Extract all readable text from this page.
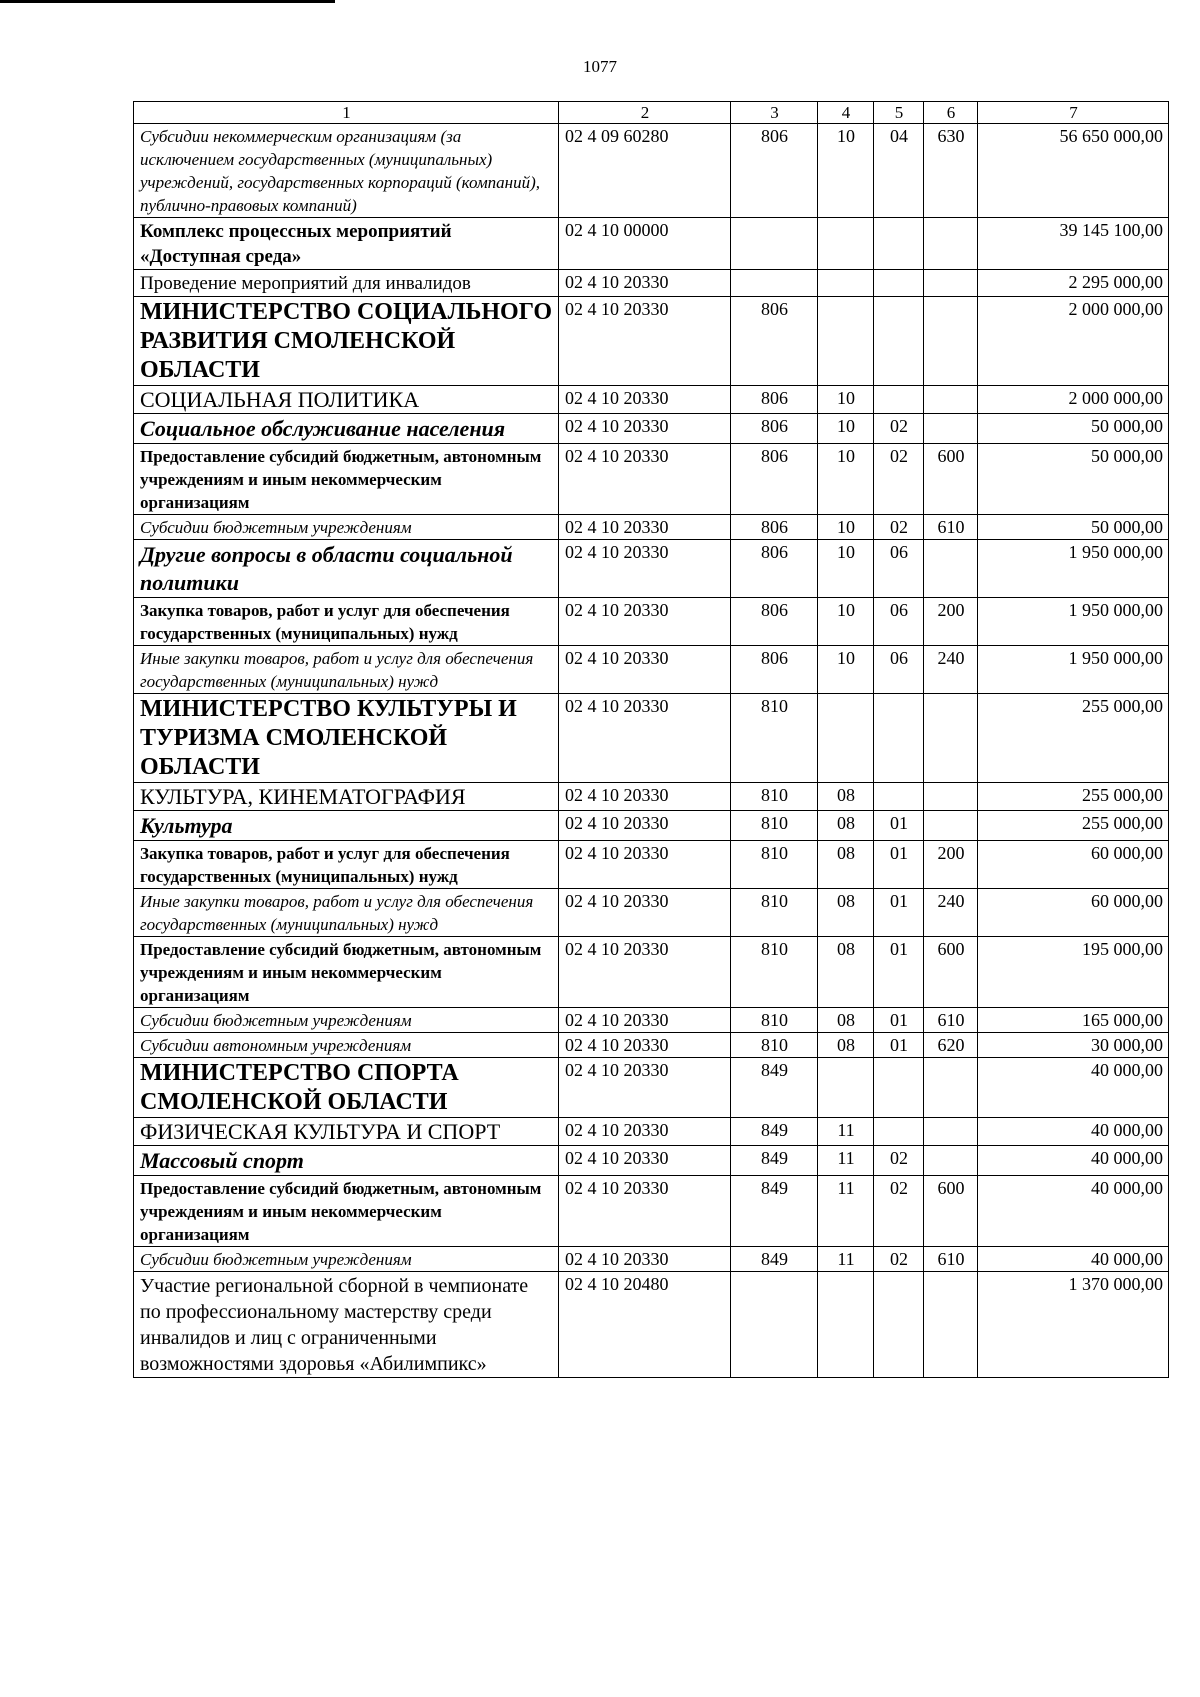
1077
1	2	3	4	5	6	7
Субсидии некоммерческим организациям (за исключением государственных (муниципальных) учреждений, государственных корпораций (компаний), публично-правовых компаний)	02 4 09 60280	806	10	04	630	56 650 000,00
Комплекс процессных мероприятий «Доступная среда»	02 4 10 00000					39 145 100,00
Проведение мероприятий для инвалидов	02 4 10 20330					2 295 000,00
МИНИСТЕРСТВО СОЦИАЛЬНОГО РАЗВИТИЯ СМОЛЕНСКОЙ ОБЛАСТИ	02 4 10 20330	806				2 000 000,00
СОЦИАЛЬНАЯ ПОЛИТИКА	02 4 10 20330	806	10			2 000 000,00
Социальное обслуживание населения	02 4 10 20330	806	10	02		50 000,00
Предоставление субсидий бюджетным, автономным учреждениям и иным некоммерческим организациям	02 4 10 20330	806	10	02	600	50 000,00
Субсидии бюджетным учреждениям	02 4 10 20330	806	10	02	610	50 000,00
Другие вопросы в области социальной политики	02 4 10 20330	806	10	06		1 950 000,00
Закупка товаров, работ и услуг для обеспечения государственных (муниципальных) нужд	02 4 10 20330	806	10	06	200	1 950 000,00
Иные закупки товаров, работ и услуг для обеспечения государственных (муниципальных) нужд	02 4 10 20330	806	10	06	240	1 950 000,00
МИНИСТЕРСТВО КУЛЬТУРЫ И ТУРИЗМА СМОЛЕНСКОЙ ОБЛАСТИ	02 4 10 20330	810				255 000,00
КУЛЬТУРА, КИНЕМАТОГРАФИЯ	02 4 10 20330	810	08			255 000,00
Культура	02 4 10 20330	810	08	01		255 000,00
Закупка товаров, работ и услуг для обеспечения государственных (муниципальных) нужд	02 4 10 20330	810	08	01	200	60 000,00
Иные закупки товаров, работ и услуг для обеспечения государственных (муниципальных) нужд	02 4 10 20330	810	08	01	240	60 000,00
Предоставление субсидий бюджетным, автономным учреждениям и иным некоммерческим организациям	02 4 10 20330	810	08	01	600	195 000,00
Субсидии бюджетным учреждениям	02 4 10 20330	810	08	01	610	165 000,00
Субсидии автономным учреждениям	02 4 10 20330	810	08	01	620	30 000,00
МИНИСТЕРСТВО СПОРТА СМОЛЕНСКОЙ ОБЛАСТИ	02 4 10 20330	849				40 000,00
ФИЗИЧЕСКАЯ КУЛЬТУРА И СПОРТ	02 4 10 20330	849	11			40 000,00
Массовый спорт	02 4 10 20330	849	11	02		40 000,00
Предоставление субсидий бюджетным, автономным учреждениям и иным некоммерческим организациям	02 4 10 20330	849	11	02	600	40 000,00
Субсидии бюджетным учреждениям	02 4 10 20330	849	11	02	610	40 000,00
Участие региональной сборной в чемпионате по профессиональному мастерству среди инвалидов и лиц с ограниченными возможностями здоровья «Абилимпикс»	02 4 10 20480					1 370 000,00
